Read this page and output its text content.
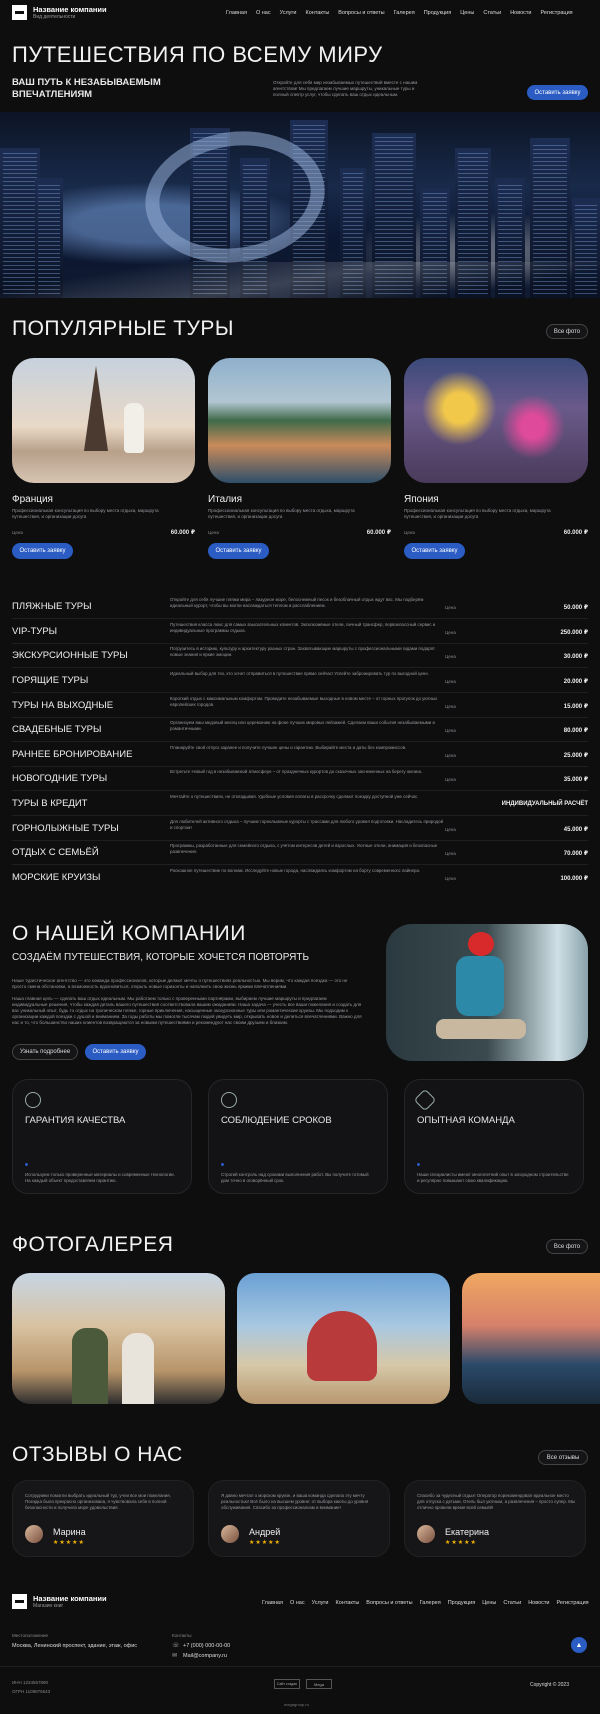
Название компании
Вид деятельности
Главная О нас Услуги Контакты Вопросы и ответы Галерея Продукция Цены Статьи Новости Регистрация
ПУТЕШЕСТВИЯ ПО ВСЕМУ МИРУ
ВАШ ПУТЬ К НЕЗАБЫВАЕМЫМ ВПЕЧАТЛЕНИЯМ
Откройте для себя мир незабываемых путешествий вместе с нашим агентством! Мы предлагаем лучшие маршруты, уникальные туры и полный спектр услуг, чтобы сделать ваш отдых идеальным.	Оставить заявку
ПОПУЛЯРНЫЕ ТУРЫ	Все фото
Франция
Профессиональная консультация по выбору места отдыха, маршрута путешествия, и организации досуга
Цена	60.000 ₽
Оставить заявку
Италия
Профессиональная консультация по выбору места отдыха, маршрута путешествия, и организации досуга
Цена	60.000 ₽
Оставить заявку
Япония
Профессиональная консультация по выбору места отдыха, маршрута путешествия, и организации досуга
Цена	60.000 ₽
Оставить заявку
ПЛЯЖНЫЕ ТУРЫ
Откройте для себя лучшие пляжи мира – лазурное море, белоснежный песок и безоблачный отдых ждут вас. Мы подберём идеальный курорт, чтобы вы могли наслаждаться теплом и расслаблением.	Цена	50.000 ₽
VIP-ТУРЫ
Путешествия класса люкс для самых взыскательных клиентов. Эксклюзивные отели, личный трансфер, первоклассный сервис и индивидуальные программы отдыха.	Цена	250.000 ₽
ЭКСКУРСИОННЫЕ ТУРЫ
Погрузитесь в историю, культуру и архитектуру разных стран. Захватывающие маршруты с профессиональными гидами подарят новые знания и яркие эмоции.	Цена	30.000 ₽
ГОРЯЩИЕ ТУРЫ
Идеальный выбор для тех, кто хочет отправиться в путешествие прямо сейчас! Успейте забронировать тур по выгодной цене.
Цена	20.000 ₽
ТУРЫ НА ВЫХОДНЫЕ
Короткий отдых с максимальным комфортом. Проведите незабываемые выходные в новом месте – от горных прогулок до уютных европейских городов.	Цена	15.000 ₽
СВАДЕБНЫЕ ТУРЫ
Организуем ваш медовый месяц или церемонию на фоне лучших мировых пейзажей. Сделаем ваши события незабываемыми и романтичными.	Цена	80.000 ₽
РАННЕЕ БРОНИРОВАНИЕ
Планируйте свой отпуск заранее и получите лучшие цены и гарантию. Выбирайте места и даты без компромиссов.
Цена	25.000 ₽
НОВОГОДНИЕ ТУРЫ
Встретьте Новый год в незабываемой атмосфере – от праздничных курортов до сказочных заснеженных на берегу океана.
Цена	35.000 ₽
ТУРЫ В КРЕДИТ
Мечтайте о путешествиях, не откладывая. Удобные условия оплаты в рассрочку сделают поездку доступной уже сейчас.
ИНДИВИДУАЛЬНЫЙ РАСЧЁТ
ГОРНОЛЫЖНЫЕ ТУРЫ
Для любителей активного отдыха – лучшие горнолыжные курорты с трассами для любого уровня подготовки. Насладитесь природой и спортом!	Цена	45.000 ₽
ОТДЫХ С СЕМЬЁЙ
Программы, разработанные для семейного отдыха, с учётом интересов детей и взрослых. Уютные отели, анимация и безопасные развлечения.	Цена	70.000 ₽
МОРСКИЕ КРУИЗЫ
Роскошное путешествие по волнам. Исследуйте новые города, наслаждаясь комфортом на борту современного лайнера.
Цена	100.000 ₽
О НАШЕЙ КОМПАНИИ
СОЗДАЁМ ПУТЕШЕСТВИЯ, КОТОРЫЕ ХОЧЕТСЯ ПОВТОРЯТЬ
Наше туристическое агентство — это команда профессионалов, которые делают мечты о путешествиях реальностью. Мы верим, что каждая поездка — это не просто смена обстановки, а возможность вдохновиться, открыть новые горизонты и наполнить свою жизнь яркими впечатлениями.
Наша главная цель — сделать ваш отдых идеальным. Мы работаем только с проверенными партнёрами, выбираем лучшие маршруты и предлагаем индивидуальные решения, чтобы каждая деталь вашего путешествия соответствовала вашим ожиданиям. Наша задача — учесть все ваши пожелания и создать для вас уникальный опыт, будь то отдых на тропическом пляже, горные приключения, насыщенные экскурсионные туры или романтические круизы. Мы подходим к организации каждой поездки с душой и вниманием. За годы работы мы помогли тысячам людей увидеть мир, открывать новое и делиться впечатлениями. Важно для нас и то, что большинство наших клиентов возвращаются за новыми путешествиями и рекомендуют нас своим друзьям и близким.
Узнать подробнее	Оставить заявку
ГАРАНТИЯ КАЧЕСТВА
Используем только проверенные материалы и современные технологии. На каждый объект предоставляем гарантию.
СОБЛЮДЕНИЕ СРОКОВ
Строгий контроль над сроками выполнения работ. Вы получите готовый дом точно в оговорённый срок.
ОПЫТНАЯ КОМАНДА
Наши специалисты имеют многолетний опыт в загородном строительстве и регулярно повышают свою квалификацию.
ФОТОГАЛЕРЕЯ	Все фото
ОТЗЫВЫ О НАС	Все отзывы
Сотрудники помогли выбрать идеальный тур, учли все мои пожелания. Поездка была прекрасно организована, я чувствовала себя в полной безопасности и получила море удовольствия.
Марина
★★★★★
Я давно мечтал о морском круизе, и ваша команда сделала эту мечту реальностью! Всё было на высшем уровне: от выбора каюты до уровня обслуживания. Спасибо за профессионализм и внимание!
Андрей
★★★★★
Спасибо за чудесный отдых! Оператор порекомендовал идеальное место для отпуска с детьми. Отель был уютным, а развлечения – просто супер. Мы отлично провели время всей семьёй!
Екатерина
★★★★★
Название компании
Магазин книг	Главная О нас Услуги Контакты Вопросы и ответы Галерея Продукция Цены Статьи Новости Регистрация
Местоположение
Москва, Ленинский проспект, здание, этаж, офис
Контакты
☏ +7 (000) 000-00-00
✉ Mail@company.ru
▲
ИНН 1234567890
ОГРН 1109876543
Сайт создан	Mega	Copyright © 2023
megagroup.ru
